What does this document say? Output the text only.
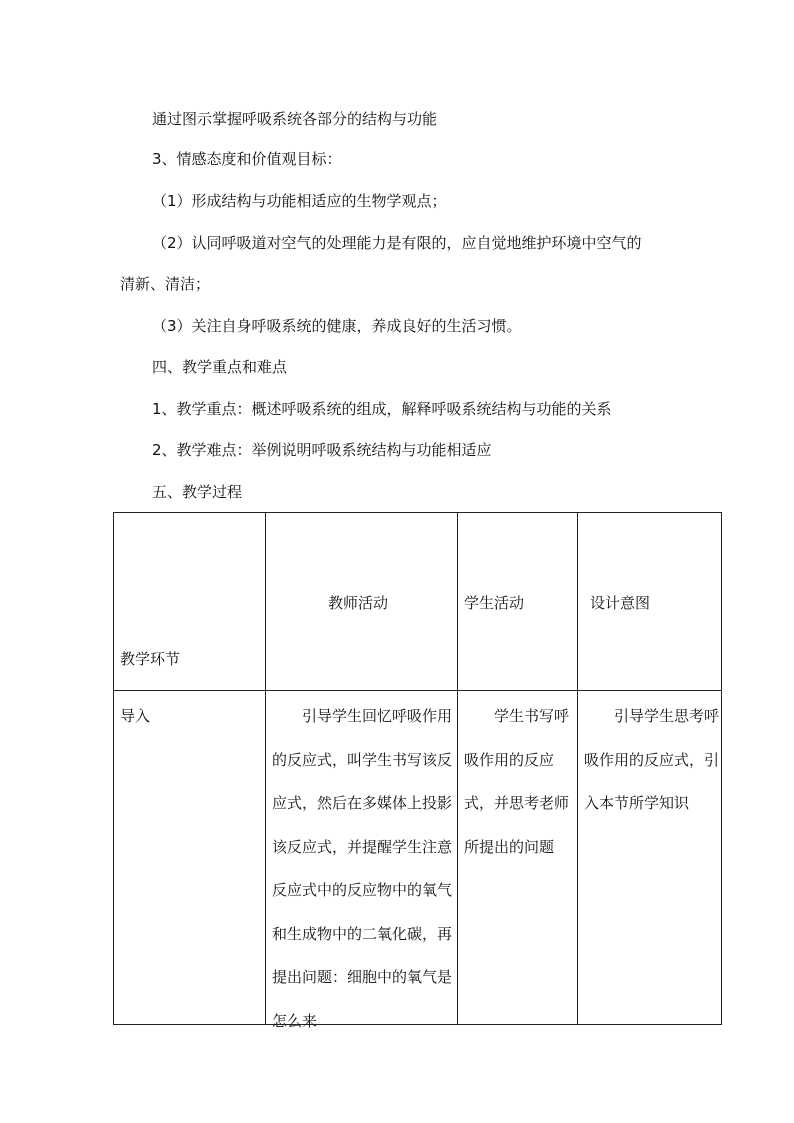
通过图示掌握呼吸系统各部分的结构与功能
3、情感态度和价值观目标：
（1）形成结构与功能相适应的生物学观点；
（2）认同呼吸道对空气的处理能力是有限的，应自觉地维护环境中空气的
清新、清洁；
（3）关注自身呼吸系统的健康，养成良好的生活习惯。
四、教学重点和难点
1、教学重点：概述呼吸系统的组成，解释呼吸系统结构与功能的关系
2、教学难点：举例说明呼吸系统结构与功能相适应
五、教学过程
教学环节	教师活动	学生活动	设计意图

导入	　　引导学生回忆呼吸作用的反应式，叫学生书写该反应式，然后在多媒体上投影该反应式，并提醒学生注意反应式中的反应物中的氧气和生成物中的二氧化碳，再提出问题：细胞中的氧气是怎么来	　　学生书写呼吸作用的反应式，并思考老师所提出的问题	　　引导学生思考呼吸作用的反应式，引入本节所学知识
